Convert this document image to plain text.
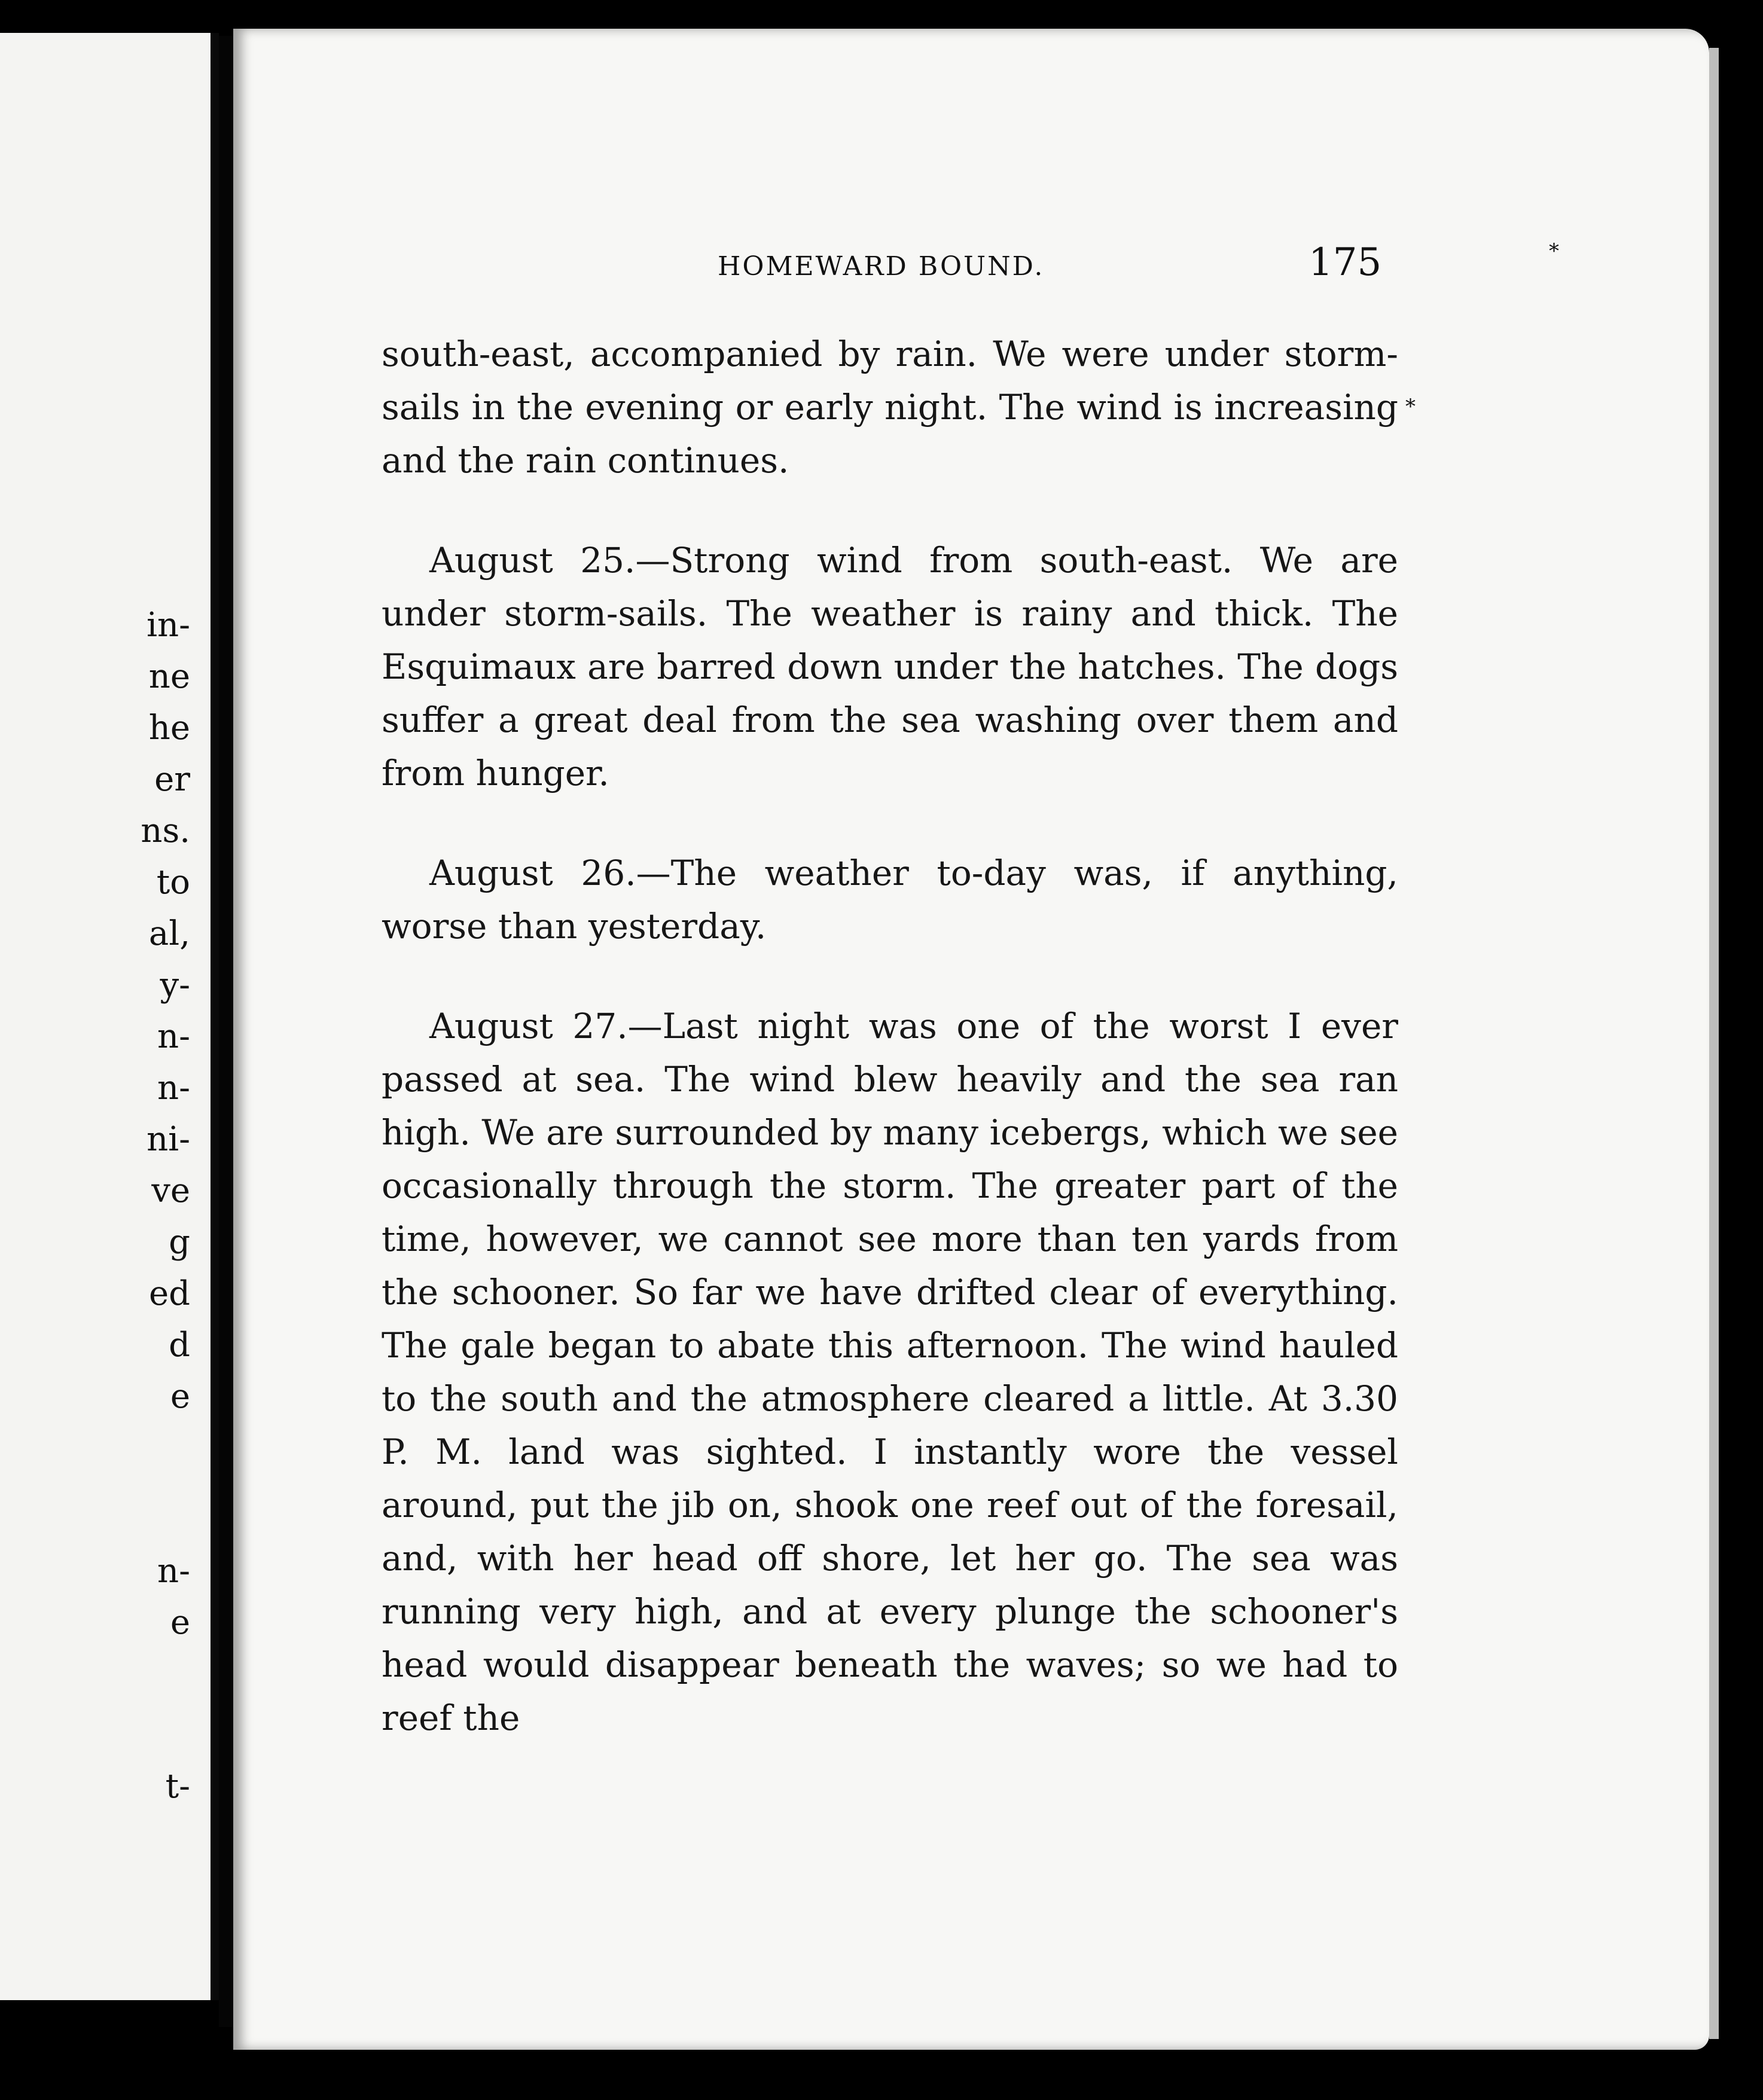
in-
ne
he
er
ns.
to
al,
y-
n-
n-
ni-
ve
g
ed
d
e
n-
e
t-
HOMEWARD BOUND.	175	*
*

south-east, accompanied by rain. We were under storm-sails in the evening or early night. The wind is increasing and the rain continues.

August 25.—Strong wind from south-east. We are under storm-sails. The weather is rainy and thick. The Esquimaux are barred down under the hatches. The dogs suffer a great deal from the sea washing over them and from hunger.

August 26.—The weather to-day was, if anything, worse than yesterday.

August 27.—Last night was one of the worst I ever passed at sea. The wind blew heavily and the sea ran high. We are surrounded by many icebergs, which we see occasionally through the storm. The greater part of the time, however, we cannot see more than ten yards from the schooner. So far we have drifted clear of everything. The gale began to abate this afternoon. The wind hauled to the south and the atmosphere cleared a little. At 3.30 P. M. land was sighted. I instantly wore the vessel around, put the jib on, shook one reef out of the foresail, and, with her head off shore, let her go. The sea was running very high, and at every plunge the schooner's head would disappear beneath the waves; so we had to reef the
